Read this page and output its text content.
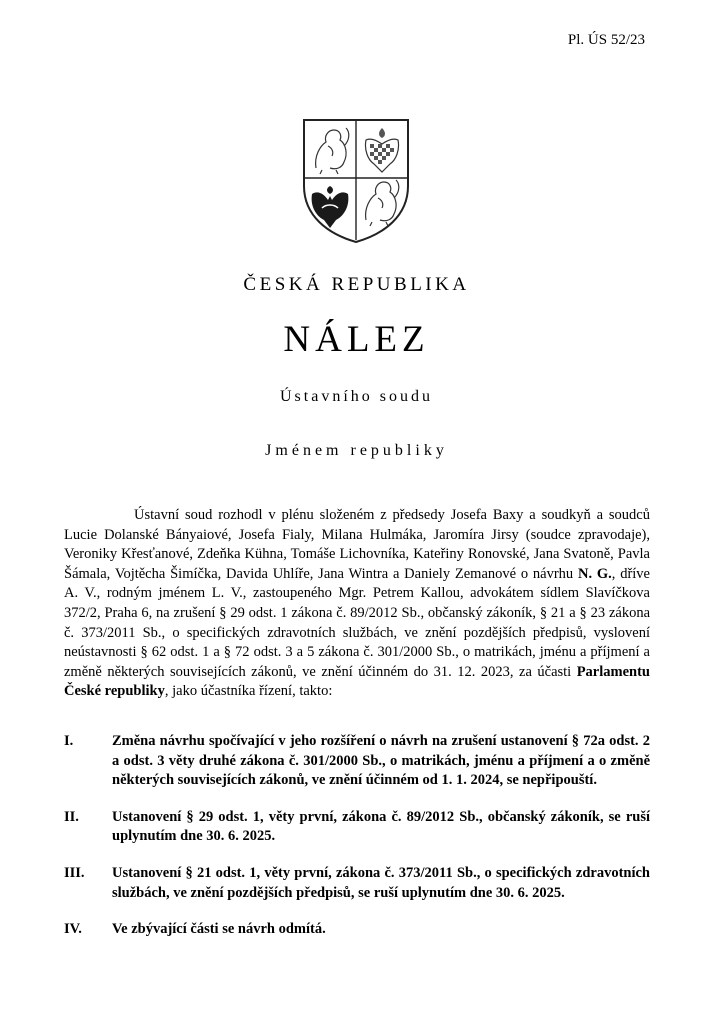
Pl. ÚS 52/23
ČESKÁ REPUBLIKA
NÁLEZ
Ústavního soudu
Jménem republiky

Ústavní soud rozhodl v plénu složeném z předsedy Josefa Baxy a soudkyň a soudců Lucie Dolanské Bányaiové, Josefa Fialy, Milana Hulmáka, Jaromíra Jirsy (soudce zpravodaje), Veroniky Křesťanové, Zdeňka Kühna, Tomáše Lichovníka, Kateřiny Ronovské, Jana Svatoně, Pavla Šámala, Vojtěcha Šimíčka, Davida Uhlíře, Jana Wintra a Daniely Zemanové o návrhu N. G., dříve A. V., rodným jménem L. V., zastoupeného Mgr. Petrem Kallou, advokátem sídlem Slavíčkova 372/2, Praha 6, na zrušení § 29 odst. 1 zákona č. 89/2012 Sb., občanský zákoník, § 21 a § 23 zákona č. 373/2011 Sb., o specifických zdravotních službách, ve znění pozdějších předpisů, vyslovení neústavnosti § 62 odst. 1 a § 72 odst. 3 a 5 zákona č. 301/2000 Sb., o matrikách, jménu a příjmení a změně některých souvisejících zákonů, ve znění účinném do 31. 12. 2023, za účasti Parlamentu České republiky, jako účastníka řízení, takto:

I.	Změna návrhu spočívající v jeho rozšíření o návrh na zrušení ustanovení § 72a odst. 2 a odst. 3 věty druhé zákona č. 301/2000 Sb., o matrikách, jménu a příjmení a o změně některých souvisejících zákonů, ve znění účinném od 1. 1. 2024, se nepřipouští.
II.	Ustanovení § 29 odst. 1, věty první, zákona č. 89/2012 Sb., občanský zákoník, se ruší uplynutím dne 30. 6. 2025.
III.	Ustanovení § 21 odst. 1, věty první, zákona č. 373/2011 Sb., o specifických zdravotních službách, ve znění pozdějších předpisů, se ruší uplynutím dne 30. 6. 2025.
IV.	Ve zbývající části se návrh odmítá.
